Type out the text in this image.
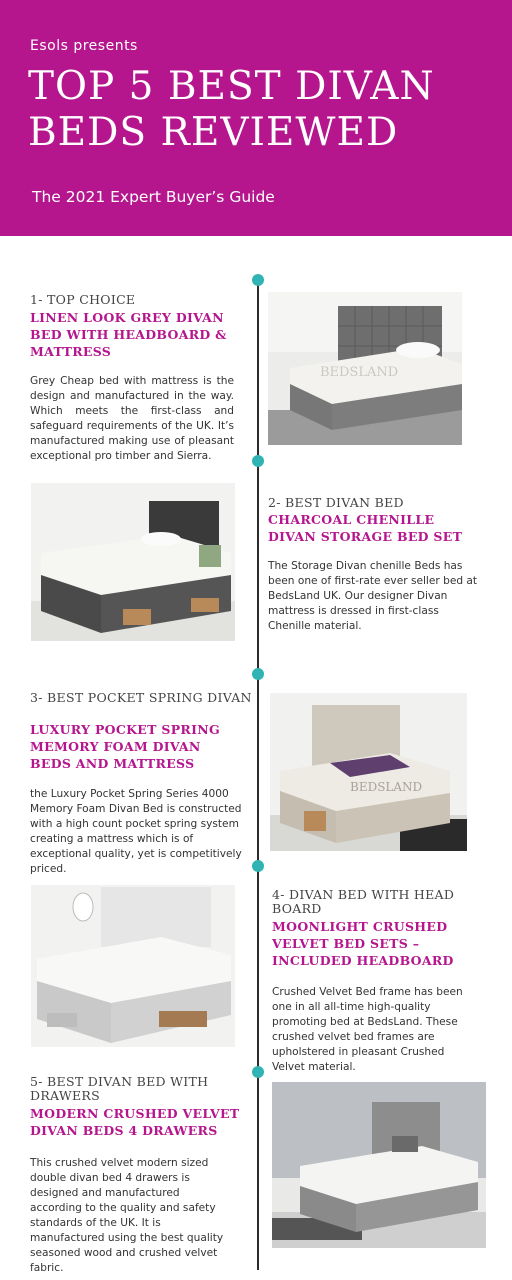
Esols presents
TOP 5 BEST DIVAN BEDS REVIEWED
The 2021 Expert Buyer’s Guide
1- TOP CHOICE
LINEN LOOK GREY DIVAN BED WITH HEADBOARD & MATTRESS
Grey Cheap bed with mattress is the design and manufactured in the way. Which meets the first-class and safeguard requirements of the UK. It’s manufactured making use of pleasant exceptional pro timber and Sierra.
BEDSLAND
2- BEST DIVAN BED
CHARCOAL CHENILLE DIVAN STORAGE BED SET
The Storage Divan chenille Beds has been one of first-rate ever seller bed at BedsLand UK. Our designer Divan mattress is dressed in first-class Chenille material.
3- BEST POCKET SPRING DIVAN
LUXURY POCKET SPRING MEMORY FOAM DIVAN BEDS AND MATTRESS
the Luxury Pocket Spring Series 4000 Memory Foam Divan Bed is constructed with a high count pocket spring system creating a mattress which is of exceptional quality, yet is competitively priced.
BEDSLAND
4- DIVAN BED WITH HEAD BOARD
MOONLIGHT CRUSHED VELVET BED SETS – INCLUDED HEADBOARD
Crushed Velvet Bed frame has been one in all all-time high-quality promoting bed at BedsLand. These crushed velvet bed frames are upholstered in pleasant Crushed Velvet material.
5- BEST DIVAN BED WITH DRAWERS
MODERN CRUSHED VELVET DIVAN BEDS 4 DRAWERS
This crushed velvet modern sized double divan bed 4 drawers is designed and manufactured according to the quality and safety standards of the UK. It is manufactured using the best quality seasoned wood and crushed velvet fabric.
